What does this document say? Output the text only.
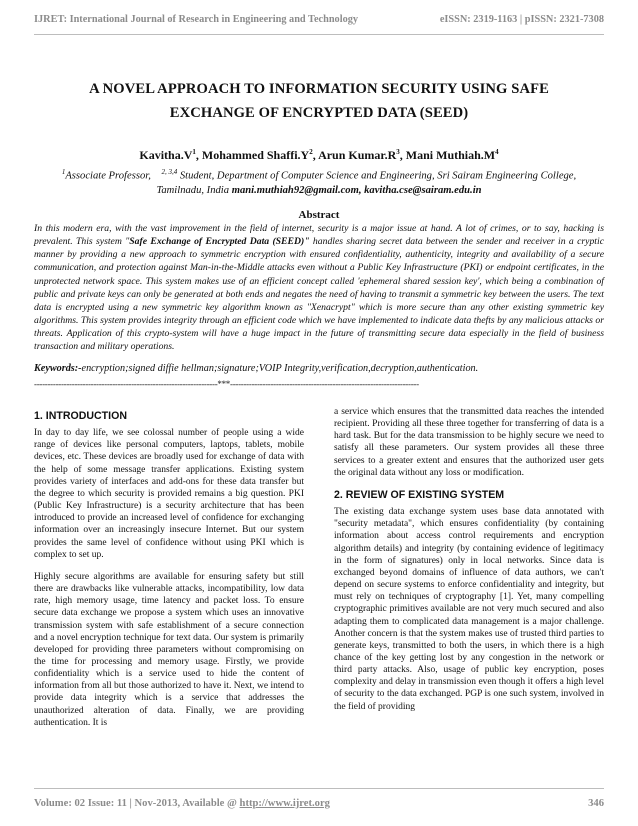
IJRET: International Journal of Research in Engineering and Technology	eISSN: 2319-1163 | pISSN: 2321-7308
A NOVEL APPROACH TO INFORMATION SECURITY USING SAFE
EXCHANGE OF ENCRYPTED DATA (SEED)
$Kavitha.V^1$, Mohammed $Shaffi.Y^2$, Arun $Kumar.R^3$, Mani $Muthiah.M^4$
$^1$Associate Professor, $^{2, 3,4}$ Student, Department of Computer Science and Engineering, Sri Sairam Engineering College,
Tamilnadu, India mani.muthiah92@gmail.com, kavitha.cse@sairam.edu.in
Abstract
In this modern era, with the vast improvement in the field of internet, security is a major issue at hand. A lot of crimes, or to say, hacking is prevalent. This system "Safe Exchange of Encrypted Data (SEED)" handles sharing secret data between the sender and receiver in a cryptic manner by providing a new approach to symmetric encryption with ensured confidentiality, authenticity, integrity and availability of a secure communication, and protection against Man-in-the-Middle attacks even without a Public Key Infrastructure (PKI) or endpoint certificates, in the unprotected network space. This system makes use of an efficient concept called 'ephemeral shared session key', which being a combination of public and private keys can only be generated at both ends and negates the need of having to transmit a symmetric key between the users. The text data is encrypted using a new symmetric key algorithm known as "Xenacrypt" which is more secure than any other existing symmetric key algorithms. This system provides integrity through an efficient code which we have implemented to indicate data thefts by any malicious attacks or threats. Application of this crypto-system will have a huge impact in the future of transmitting secure data especially in the field of business transaction and military operations.
Keywords:-encryption;signed diffie hellman;signature;VOIP Integrity,verification,decryption,authentication.
--------------------------------------------------------------------***----------------------------------------------------------------------
1. INTRODUCTION

In day to day life, we see colossal number of people using a wide range of devices like personal computers, laptops, tablets, mobile devices, etc. These devices are broadly used for exchange of data with the help of some message transfer applications. Existing system provides variety of interfaces and add-ons for these data transfer but the degree to which security is provided remains a big question. PKI (Public Key Infrastructure) is a security architecture that has been introduced to provide an increased level of confidence for exchanging information over an increasingly insecure Internet. But our system provides the same level of confidence without using PKI which is complex to set up.

Highly secure algorithms are available for ensuring safety but still there are drawbacks like vulnerable attacks, incompatibility, low data rate, high memory usage, time latency and packet loss. To ensure secure data exchange we propose a system which uses an innovative transmission system with safe establishment of a secure connection and a novel encryption technique for text data. Our system is primarily developed for providing three parameters without compromising on the time for processing and memory usage. Firstly, we provide confidentiality which is a service used to hide the content of information from all but those authorized to have it. Next, we intend to provide data integrity which is a service that addresses the unauthorized alteration of data. Finally, we are providing authentication. It is

a service which ensures that the transmitted data reaches the intended recipient. Providing all these three together for transferring of data is a hard task. But for the data transmission to be highly secure we need to satisfy all these parameters. Our system provides all these three services to a greater extent and ensures that the authorized user gets the original data without any loss or modification.

2. REVIEW OF EXISTING SYSTEM

The existing data exchange system uses base data annotated with "security metadata", which ensures confidentiality (by containing information about access control requirements and encryption algorithm details) and integrity (by containing evidence of legitimacy in the form of signatures) only in local networks. Since data is exchanged beyond domains of influence of data authors, we can't depend on secure systems to enforce confidentiality and integrity, but must rely on techniques of cryptography [1]. Yet, many compelling cryptographic primitives available are not very much secured and also adapting them to complicated data management is a major challenge. Another concern is that the system makes use of trusted third parties to generate keys, transmitted to both the users, in which there is a high chance of the key getting lost by any congestion in the network or third party attacks. Also, usage of public key encryption, poses complexity and delay in transmission even though it offers a high level of security to the data exchanged. PGP is one such system, involved in the field of providing

Volume: 02 Issue: 11 | Nov-2013, Available @ http://www.ijret.org	346
